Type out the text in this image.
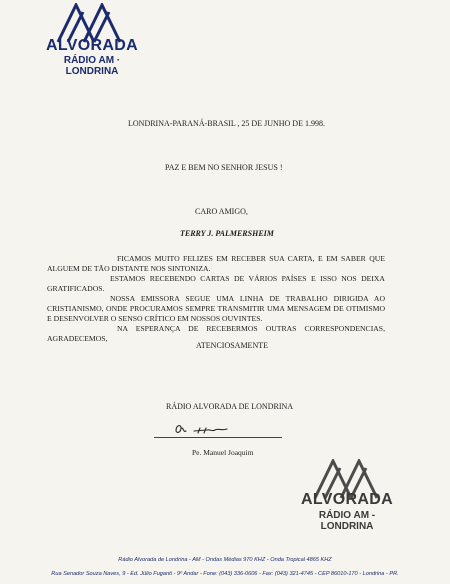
ALVORADA
RÁDIO AM · LONDRINA
LONDRINA-PARANÁ-BRASIL , 25 DE JUNHO DE 1.998.
PAZ E BEM NO SENHOR JESUS !
CARO AMIGO,
TERRY J. PALMERSHEIM

FICAMOS MUITO FELIZES EM RECEBER SUA CARTA, E EM SABER QUE ALGUEM DE TÃO DISTANTE NOS SINTONIZA.

ESTAMOS RECEBENDO CARTAS DE VÁRIOS PAÍSES E ISSO NOS DEIXA GRATIFICADOS.

NOSSA EMISSORA SEGUE UMA LINHA DE TRABALHO DIRIGIDA AO CRISTIANISMO, ONDE PROCURAMOS SEMPRE TRANSMITIR UMA MENSAGEM DE OTIMISMO E DESENVOLVER O SENSO CRÍTICO EM NOSSOS OUVINTES.

NA ESPERANÇA DE RECEBERMOS OUTRAS CORRESPONDENCIAS, AGRADECEMOS,

ATENCIOSAMENTE
RÁDIO ALVORADA DE LONDRINA
Pe. Manuel Joaquim
ALVORADA
RÁDIO AM - LONDRINA
Rádio Alvorada de Londrina - AM - Ondas Médias 970 KHZ - Onda Tropical 4865 KHZ
Rua Senador Souza Naves, 9 - Ed. Júlio Fuganti - 9º Andar - Fone: (043) 336-0606 - Fax: (043) 321-4745 - CEP 86010-170 - Londrina - PR.
